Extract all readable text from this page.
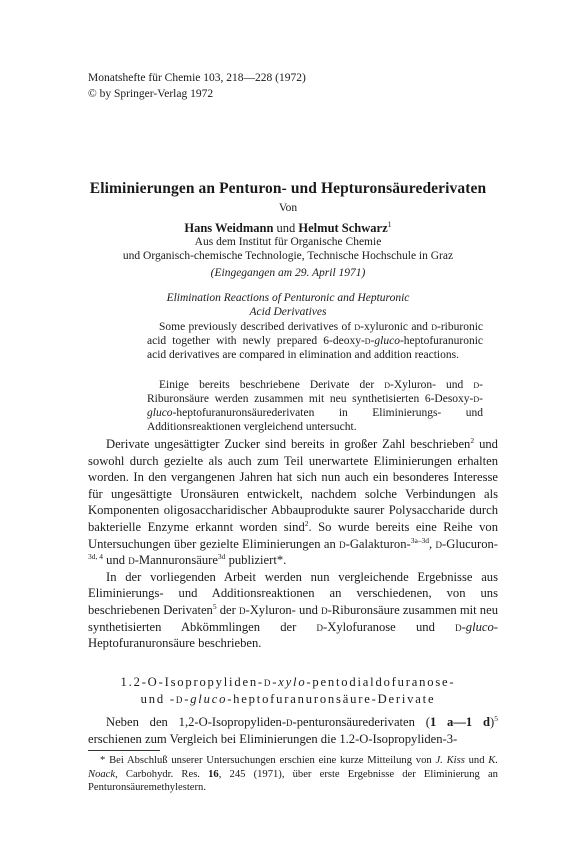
Monatshefte für Chemie 103, 218—228 (1972)
© by Springer-Verlag 1972
Eliminierungen an Penturon- und Hepturonsäurederivaten
Von
Hans Weidmann und Helmut Schwarz$^1$
Aus dem Institut für Organische Chemie
und Organisch-chemische Technologie, Technische Hochschule in Graz
(Eingegangen am 29. April 1971)
Elimination Reactions of Penturonic and Hepturonic
Acid Derivatives

Some previously described derivatives of d-xyluronic and d-riburonic acid together with newly prepared 6-deoxy-d-gluco-heptofuranuronic acid derivatives are compared in elimination and addition reactions.

Einige bereits beschriebene Derivate der d-Xyluron- und d-Riburonsäure werden zusammen mit neu synthetisierten 6-Desoxy-d-gluco-heptofuranuronsäurederivaten in Eliminierungs- und Additionsreaktionen vergleichend untersucht.

Derivate ungesättigter Zucker sind bereits in großer Zahl beschrieben$^2$ und sowohl durch gezielte als auch zum Teil unerwartete Eliminierungen erhalten worden. In den vergangenen Jahren hat sich nun auch ein besonderes Interesse für ungesättigte Uronsäuren entwickelt, nachdem solche Verbindungen als Komponenten oligosaccharidischer Abbauprodukte saurer Polysaccharide durch bakterielle Enzyme erkannt worden sind$^2$. So wurde bereits eine Reihe von Untersuchungen über gezielte Eliminierungen an d-Galakturon-$^{3a-3d}$, d-Glucuron-$^{3d, 4}$ und d-Mannuronsäure$^{3d}$ publiziert*.

In der vorliegenden Arbeit werden nun vergleichende Ergebnisse aus Eliminierungs- und Additionsreaktionen an verschiedenen, von uns beschriebenen Derivaten$^5$ der d-Xyluron- und d-Riburonsäure zusammen mit neu synthetisierten Abkömmlingen der d-Xylofuranose und d-gluco-Heptofuranuronsäure beschrieben.

1.2-O-Isopropyliden-d-xylo-pentodialdofuranose-
und -d-gluco-heptofuranuronsäure-Derivate

Neben den 1,2-O-Isopropyliden-d-penturonsäurederivaten (1 a—1 d)$^5$ erschienen zum Vergleich bei Eliminierungen die 1.2-O-Isopropyliden-3-

* Bei Abschluß unserer Untersuchungen erschien eine kurze Mitteilung von J. Kiss und K. Noack, Carbohydr. Res. 16, 245 (1971), über erste Ergebnisse der Eliminierung an Penturonsäuremethylestern.
